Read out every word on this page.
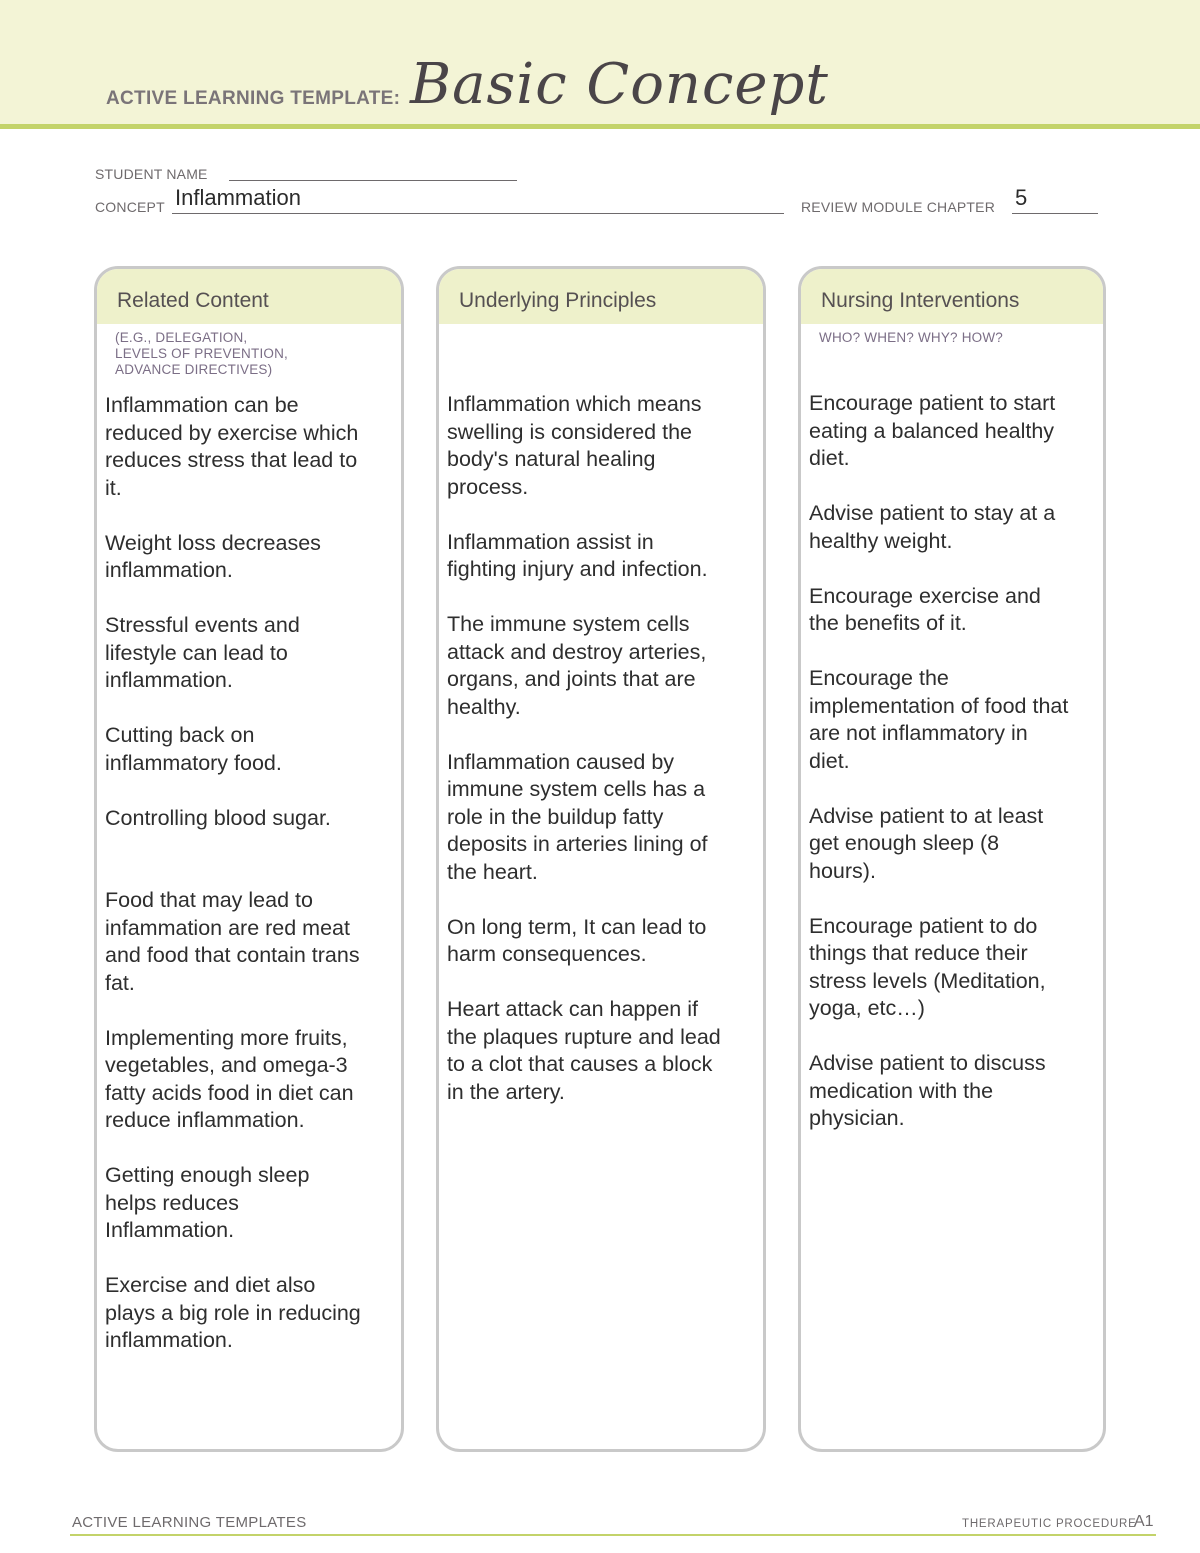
ACTIVE LEARNING TEMPLATE: Basic Concept
STUDENT NAME
CONCEPT Inflammation	REVIEW MODULE CHAPTER 5
Related Content
(E.G., DELEGATION,
LEVELS OF PREVENTION,
ADVANCE DIRECTIVES)

Inflammation can be
reduced by exercise which
reduces stress that lead to
it.

Weight loss decreases
inflammation.

Stressful events and
lifestyle can lead to
inflammation.

Cutting back on
inflammatory food.

Controlling blood sugar.

Food that may lead to
infammation are red meat
and food that contain trans
fat.

Implementing more fruits,
vegetables, and omega-3
fatty acids food in diet can
reduce inflammation.

Getting enough sleep
helps reduces
Inflammation.

Exercise and diet also
plays a big role in reducing
inflammation.

Underlying Principles

Inflammation which means
swelling is considered the
body's natural healing
process.

Inflammation assist in
fighting injury and infection.

The immune system cells
attack and destroy arteries,
organs, and joints that are
healthy.

Inflammation caused by
immune system cells has a
role in the buildup fatty
deposits in arteries lining of
the heart.

On long term, It can lead to
harm consequences.

Heart attack can happen if
the plaques rupture and lead
to a clot that causes a block
in the artery.

Nursing Interventions
WHO? WHEN? WHY? HOW?

Encourage patient to start
eating a balanced healthy
diet.

Advise patient to stay at a
healthy weight.

Encourage exercise and
the benefits of it.

Encourage the
implementation of food that
are not inflammatory in
diet.

Advise patient to at least
get enough sleep (8
hours).

Encourage patient to do
things that reduce their
stress levels (Meditation,
yoga, etc…)

Advise patient to discuss
medication with the
physician.

ACTIVE LEARNING TEMPLATES	THERAPEUTIC PROCEDURE
A1
